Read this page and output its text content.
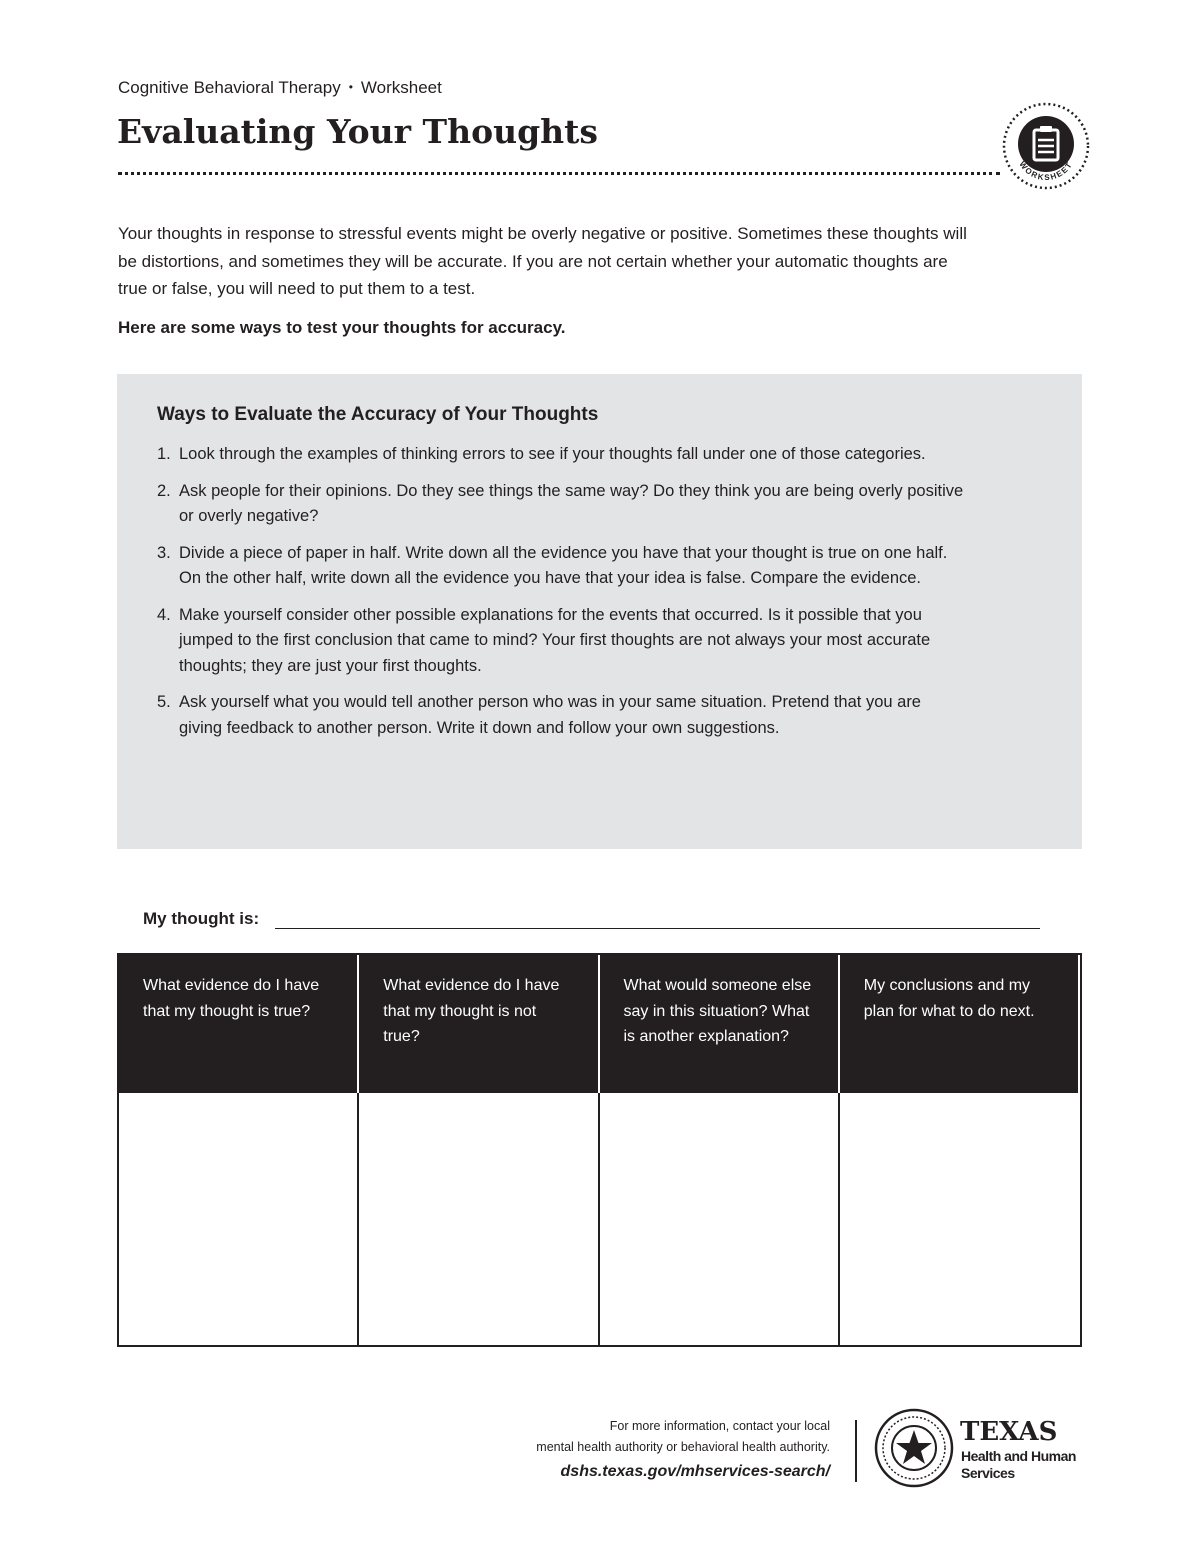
Cognitive Behavioral Therapy • Worksheet
Evaluating Your Thoughts
WORKSHEET

Your thoughts in response to stressful events might be overly negative or positive. Sometimes these thoughts will be distortions, and sometimes they will be accurate. If you are not certain whether your automatic thoughts are true or false, you will need to put them to a test.

Here are some ways to test your thoughts for accuracy.

Ways to Evaluate the Accuracy of Your Thoughts
1. Look through the examples of thinking errors to see if your thoughts fall under one of those categories.
2. Ask people for their opinions. Do they see things the same way? Do they think you are being overly positive or overly negative?
3. Divide a piece of paper in half. Write down all the evidence you have that your thought is true on one half. On the other half, write down all the evidence you have that your idea is false. Compare the evidence.
4. Make yourself consider other possible explanations for the events that occurred. Is it possible that you jumped to the first conclusion that came to mind? Your first thoughts are not always your most accurate thoughts; they are just your first thoughts.
5. Ask yourself what you would tell another person who was in your same situation. Pretend that you are giving feedback to another person. Write it down and follow your own suggestions.
My thought is:
What evidence do I have that my thought is true?
What evidence do I have that my thought is not true?
What would someone else say in this situation? What is another explanation?
My conclusions and my plan for what to do next.
For more information, contact your local
mental health authority or behavioral health authority.
dshs.texas.gov/mhservices-search/
TEXAS
Health and Human Services
